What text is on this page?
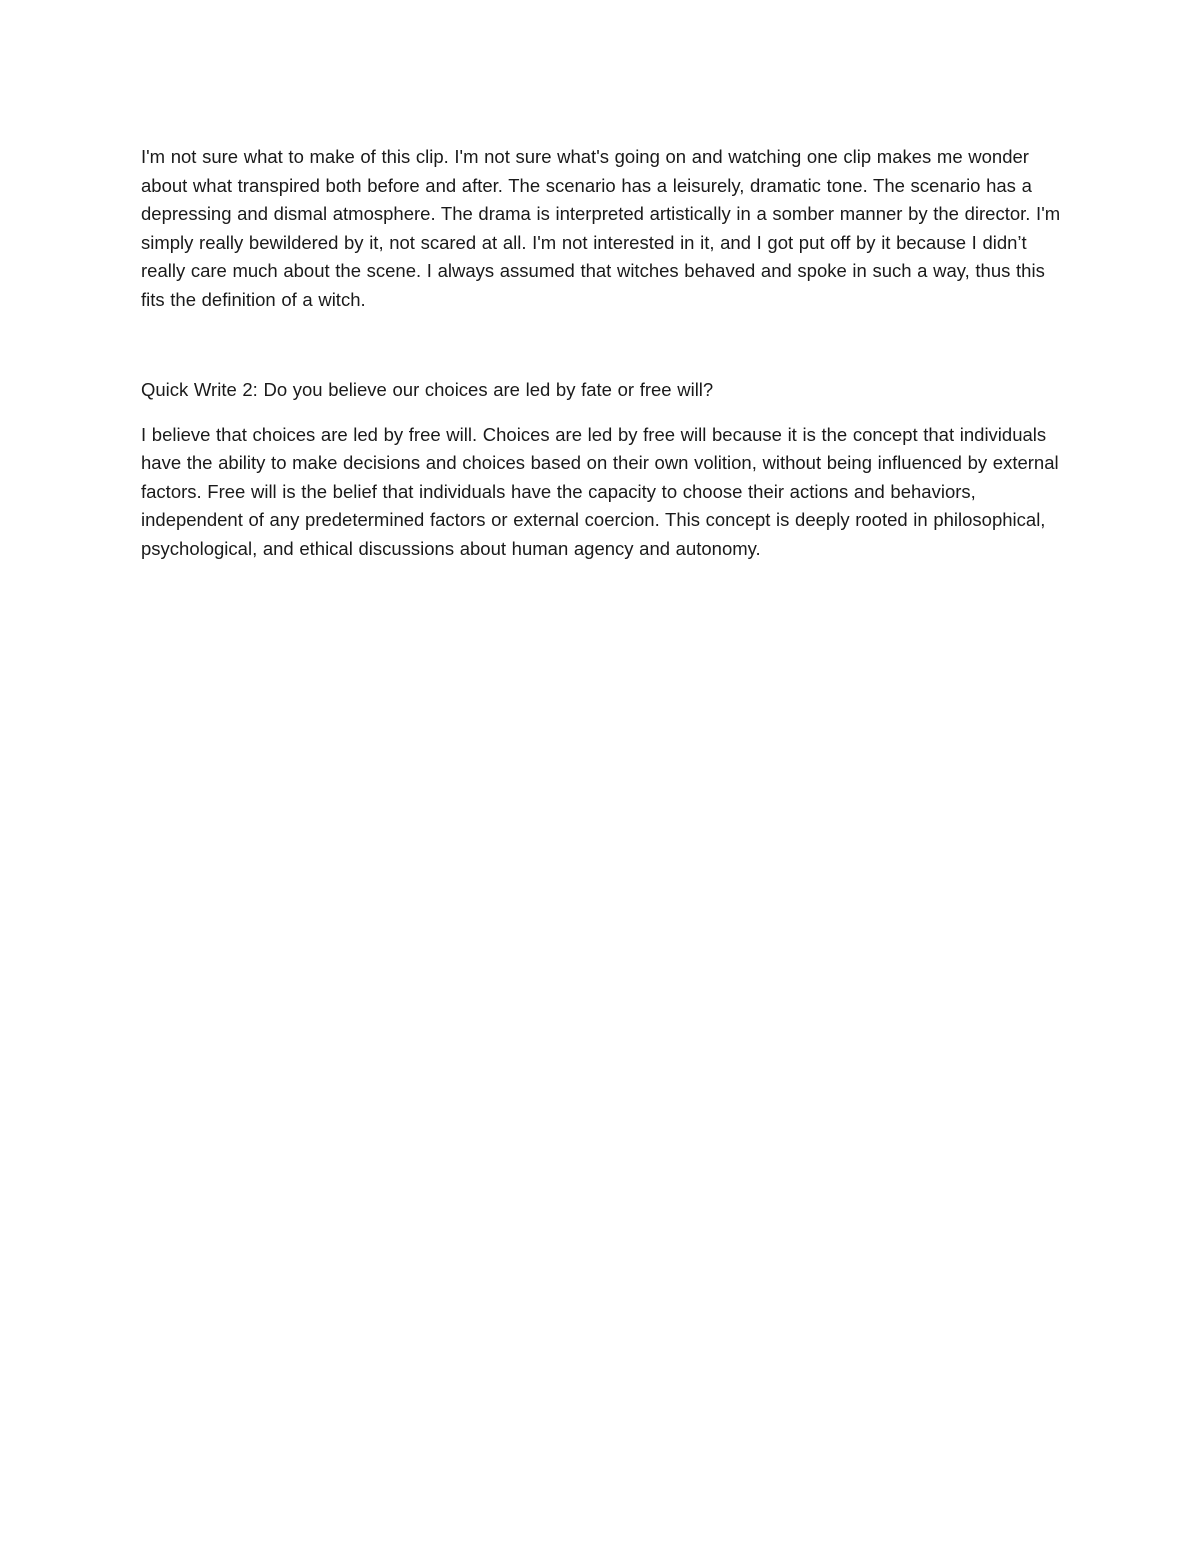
I'm not sure what to make of this clip. I'm not sure what's going on and watching one clip makes me wonder about what transpired both before and after. The scenario has a leisurely, dramatic tone. The scenario has a depressing and dismal atmosphere. The drama is interpreted artistically in a somber manner by the director. I'm simply really bewildered by it, not scared at all. I'm not interested in it, and I got put off by it because I didn’t really care much about the scene. I always assumed that witches behaved and spoke in such a way, thus this fits the definition of a witch.

Quick Write 2: Do you believe our choices are led by fate or free will?

I believe that choices are led by free will. Choices are led by free will because it is the concept that individuals have the ability to make decisions and choices based on their own volition, without being influenced by external factors. Free will is the belief that individuals have the capacity to choose their actions and behaviors, independent of any predetermined factors or external coercion. This concept is deeply rooted in philosophical, psychological, and ethical discussions about human agency and autonomy.
